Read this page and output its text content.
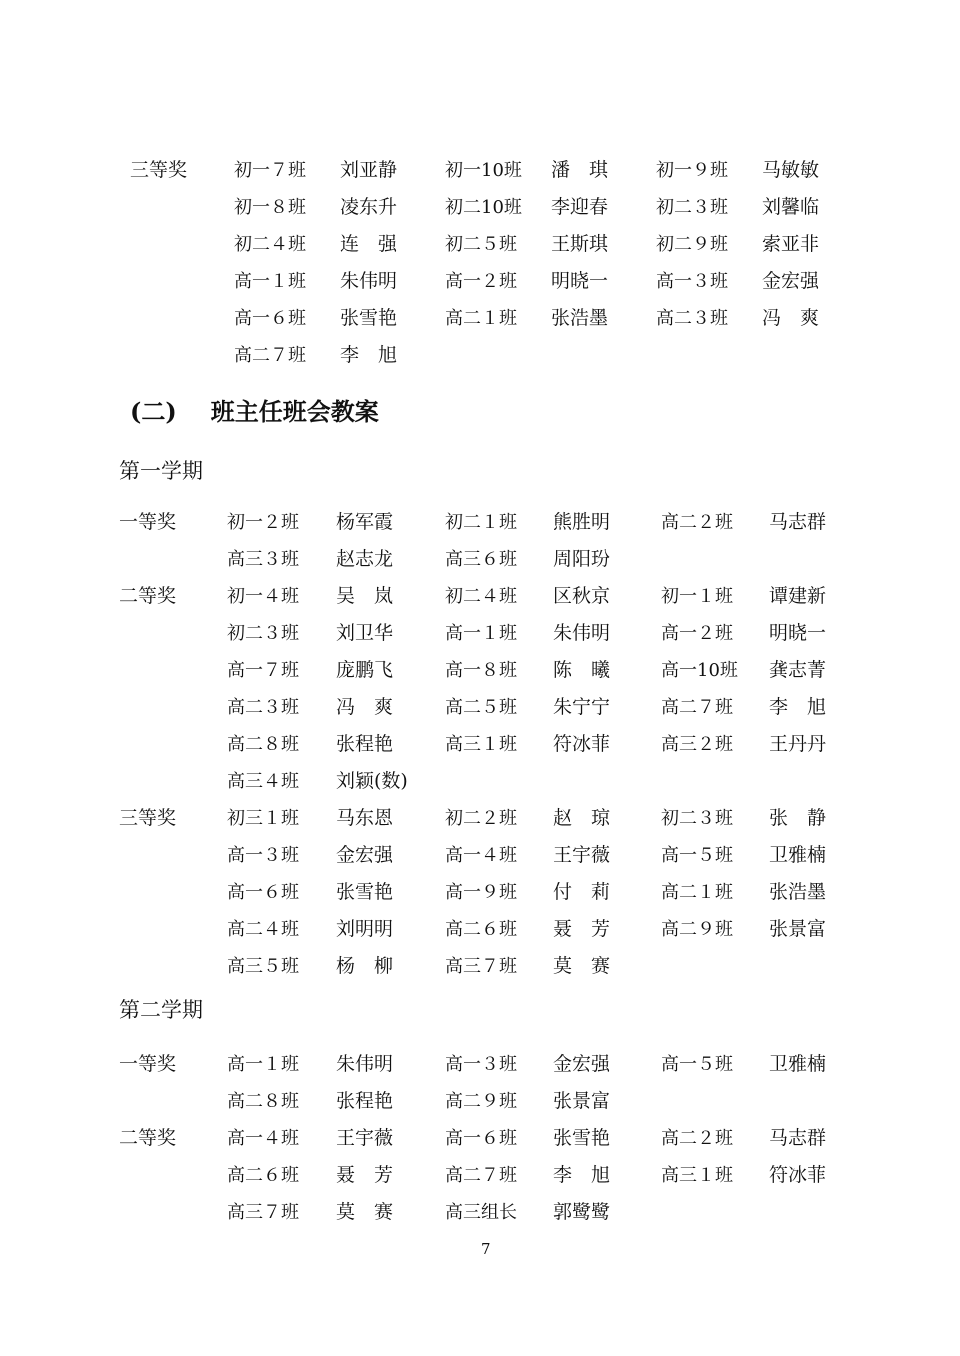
三等奖	初一７班 刘亚静	初一10班 潘　琪	初一９班 马敏敏
初一８班 凌东升	初二10班 李迎春	初二３班 刘馨临
初二４班 连　强	初二５班 王斯琪	初二９班 索亚非
高一１班 朱伟明	高一２班 明晓一	高一３班 金宏强
高一６班 张雪艳	高二１班 张浩墨	高二３班 冯　爽
高二７班 李　旭
(二) 班主任班会教案
第一学期
一等奖	初一２班 杨军霞	初二１班 熊胜明	高二２班 马志群
高三３班 赵志龙	高三６班 周阳玢
二等奖	初一４班 吴　岚	初二４班 区秋京	初一１班 谭建新
初二３班 刘卫华	高一１班 朱伟明	高一２班 明晓一
高一７班 庞鹏飞	高一８班 陈　曦	高一10班 龚志菁
高二３班 冯　爽	高二５班 朱宁宁	高二７班 李　旭
高二８班 张程艳	高三１班 符冰菲	高三２班 王丹丹
高三４班 刘颖(数)
三等奖	初三１班 马东恩	初二２班 赵　琼	初二３班 张　静
高一３班 金宏强	高一４班 王宇薇	高一５班 卫雅楠
高一６班 张雪艳	高一９班 付　莉	高二１班 张浩墨
高二４班 刘明明	高二６班 聂　芳	高二９班 张景富
高三５班 杨　柳	高三７班 莫　赛
第二学期
一等奖	高一１班 朱伟明	高一３班 金宏强	高一５班 卫雅楠
高二８班 张程艳	高二９班 张景富
二等奖	高一４班 王宇薇	高一６班 张雪艳	高二２班 马志群
高二６班 聂　芳	高二７班 李　旭	高三１班 符冰菲
高三７班 莫　赛	高三组长 郭鹭鹭
7
